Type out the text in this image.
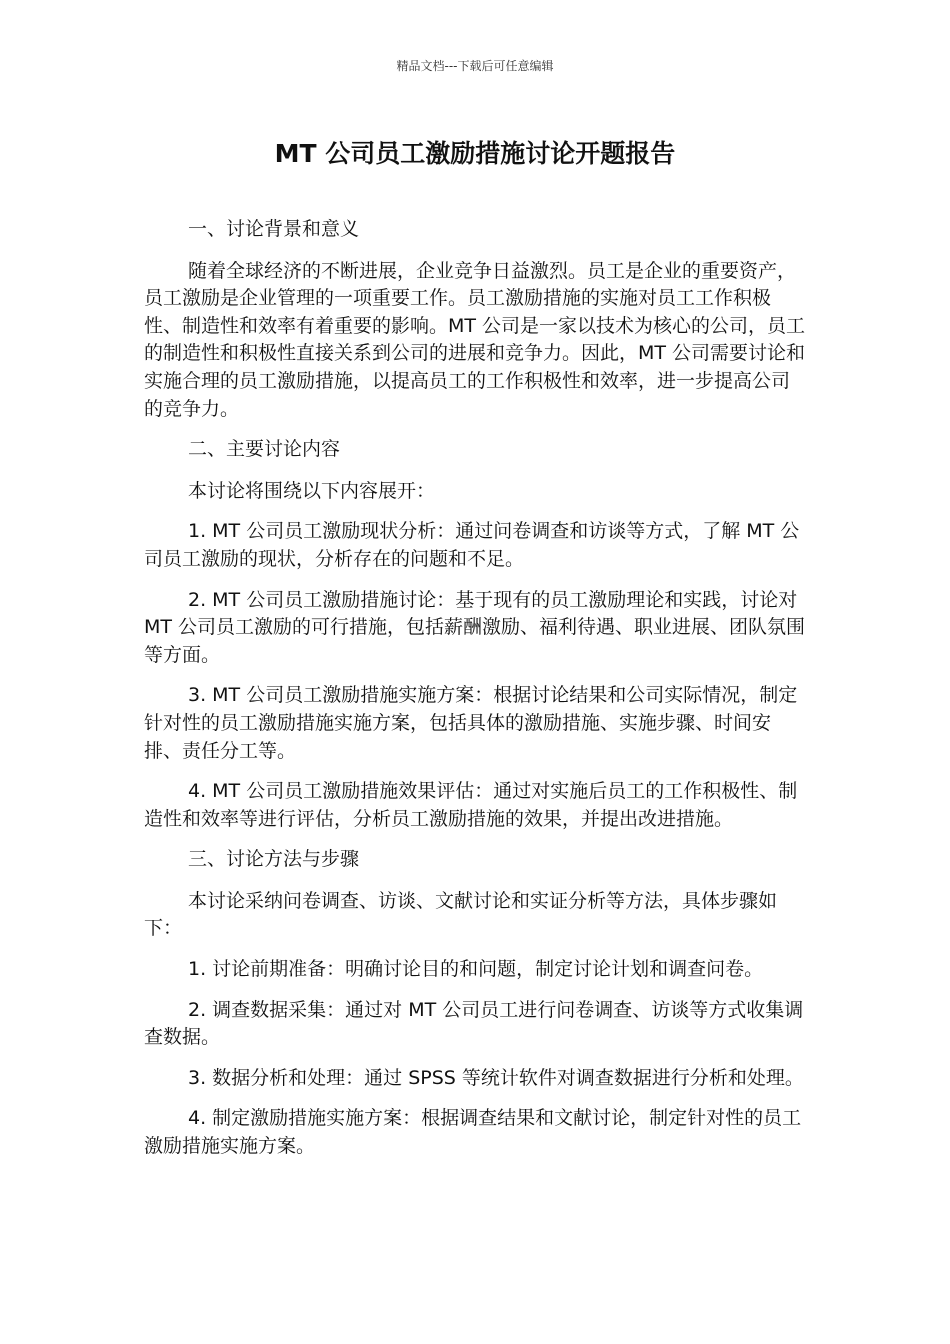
精品文档---下载后可任意编辑
MT 公司员工激励措施讨论开题报告

一、讨论背景和意义

随着全球经济的不断进展，企业竞争日益激烈。员工是企业的重要资产，员工激励是企业管理的一项重要工作。员工激励措施的实施对员工工作积极性、制造性和效率有着重要的影响。MT 公司是一家以技术为核心的公司，员工的制造性和积极性直接关系到公司的进展和竞争力。因此，MT 公司需要讨论和实施合理的员工激励措施，以提高员工的工作积极性和效率，进一步提高公司的竞争力。

二、主要讨论内容

本讨论将围绕以下内容展开：

1. MT 公司员工激励现状分析：通过问卷调查和访谈等方式，了解 MT 公司员工激励的现状，分析存在的问题和不足。

2. MT 公司员工激励措施讨论：基于现有的员工激励理论和实践，讨论对 MT 公司员工激励的可行措施，包括薪酬激励、福利待遇、职业进展、团队氛围等方面。

3. MT 公司员工激励措施实施方案：根据讨论结果和公司实际情况，制定针对性的员工激励措施实施方案，包括具体的激励措施、实施步骤、时间安排、责任分工等。

4. MT 公司员工激励措施效果评估：通过对实施后员工的工作积极性、制造性和效率等进行评估，分析员工激励措施的效果，并提出改进措施。

三、讨论方法与步骤

本讨论采纳问卷调查、访谈、文献讨论和实证分析等方法，具体步骤如下：

1. 讨论前期准备：明确讨论目的和问题，制定讨论计划和调查问卷。

2. 调查数据采集：通过对 MT 公司员工进行问卷调查、访谈等方式收集调查数据。

3. 数据分析和处理：通过 SPSS 等统计软件对调查数据进行分析和处理。

4. 制定激励措施实施方案：根据调查结果和文献讨论，制定针对性的员工激励措施实施方案。
